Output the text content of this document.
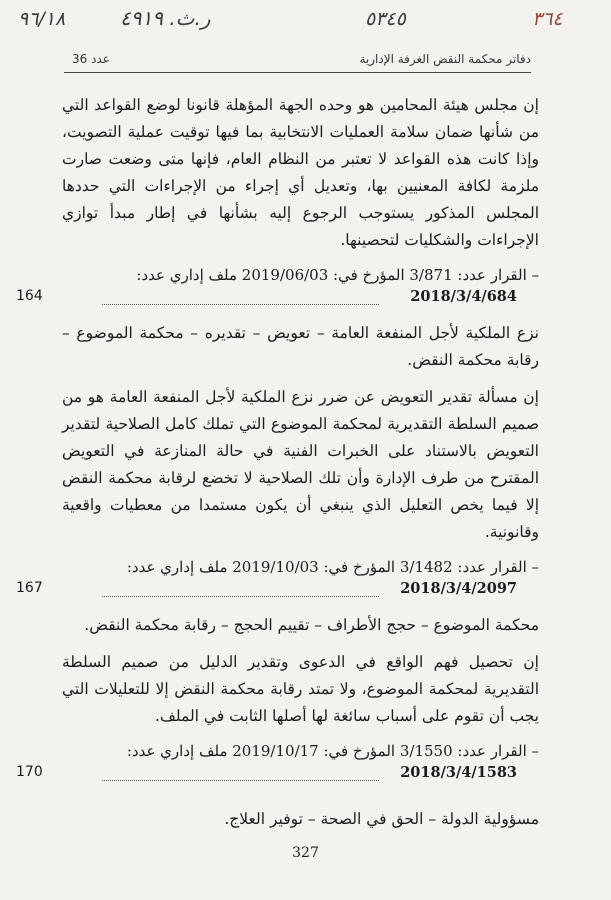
٩٦/١٨	ر.ث. ٤٩١٩	٥٣٤٥	٣٦٤
دفاتر محكمة النقض الغرفة الإدارية
عدد 36

إن مجلس هيئة المحامين هو وحده الجهة المؤهلة قانونا لوضع القواعد التي من شأنها ضمان سلامة العمليات الانتخابية بما فيها توقيت عملية التصويت، وإذا كانت هذه القواعد لا تعتبر من النظام العام، فإنها متى وضعت صارت ملزمة لكافة المعنيين بها، وتعديل أي إجراء من الإجراءات التي حددها المجلس المذكور يستوجب الرجوع إليه بشأنها في إطار مبدأ توازي الإجراءات والشكليات لتحصينها.

– القرار عدد: 3/871 المؤرخ في: 2019/06/03 ملف إداري عدد:

2018/3/4/684
164

نزع الملكية لأجل المنفعة العامة – تعويض – تقديره – محكمة الموضوع – رقابة محكمة النقض.

إن مسألة تقدير التعويض عن ضرر نزع الملكية لأجل المنفعة العامة هو من صميم السلطة التقديرية لمحكمة الموضوع التي تملك كامل الصلاحية لتقدير التعويض بالاستناد على الخبرات الفنية في حالة المنازعة في التعويض المقترح من طرف الإدارة وأن تلك الصلاحية لا تخضع لرقابة محكمة النقض إلا فيما يخص التعليل الذي ينبغي أن يكون مستمدا من معطيات واقعية وقانونية.

– القرار عدد: 3/1482 المؤرخ في: 2019/10/03 ملف إداري عدد:

2018/3/4/2097
167

محكمة الموضوع – حجج الأطراف – تقييم الحجج – رقابة محكمة النقض.

إن تحصيل فهم الواقع في الدعوى وتقدير الدليل من صميم السلطة التقديرية لمحكمة الموضوع، ولا تمتد رقابة محكمة النقض إلا للتعليلات التي يجب أن تقوم على أسباب سائغة لها أصلها الثابت في الملف.

– القرار عدد: 3/1550 المؤرخ في: 2019/10/17 ملف إداري عدد:

2018/3/4/1583
170

مسؤولية الدولة – الحق في الصحة – توفير العلاج.

327
